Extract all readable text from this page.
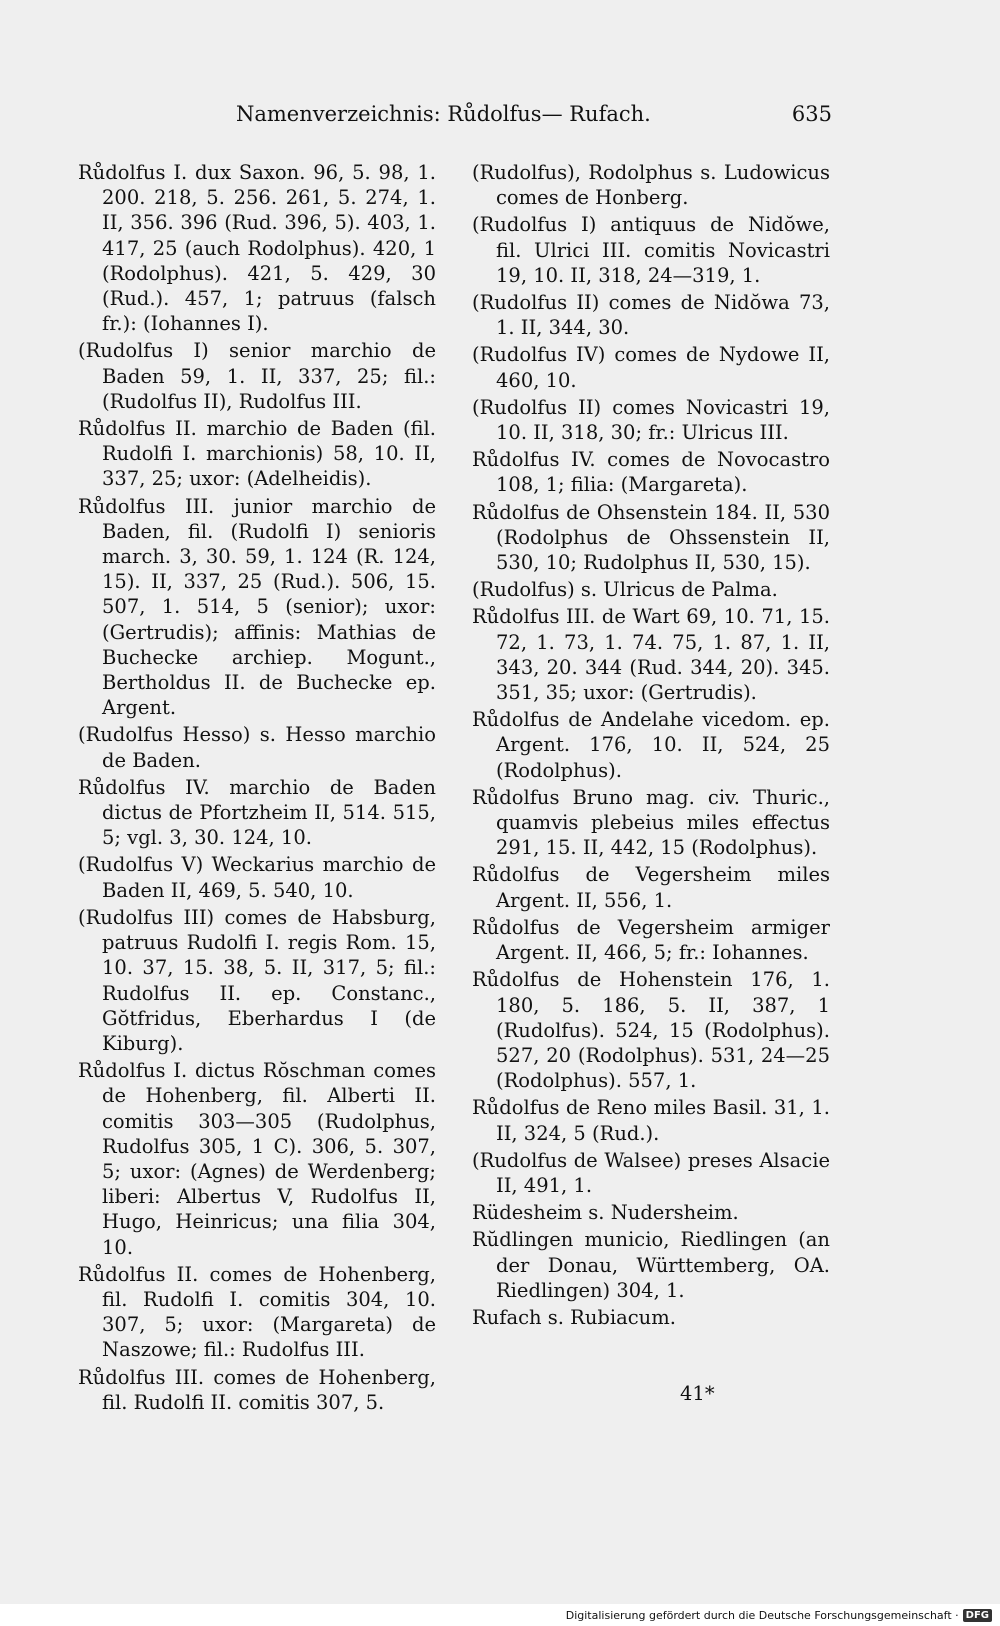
Namenverzeichnis: Růdolfus— Rufach.	635

Růdolfus I. dux Saxon. 96, 5. 98, 1. 200. 218, 5. 256. 261, 5. 274, 1. II, 356. 396 (Rud. 396, 5). 403, 1. 417, 25 (auch Rodolphus). 420, 1 (Rodolphus). 421, 5. 429, 30 (Rud.). 457, 1; patruus (falsch fr.): (Iohannes I).

(Rudolfus I) senior marchio de Baden 59, 1. II, 337, 25; fil.: (Rudolfus II), Rudolfus III.

Růdolfus II. marchio de Baden (fil. Rudolfi I. marchionis) 58, 10. II, 337, 25; uxor: (Adelheidis).

Růdolfus III. junior marchio de Baden, fil. (Rudolfi I) senioris march. 3, 30. 59, 1. 124 (R. 124, 15). II, 337, 25 (Rud.). 506, 15. 507, 1. 514, 5 (senior); uxor: (Gertrudis); affinis: Mathias de Buchecke archiep. Mogunt., Bertholdus II. de Buchecke ep. Argent.

(Rudolfus Hesso) s. Hesso marchio de Baden.

Růdolfus IV. marchio de Baden dictus de Pfortzheim II, 514. 515, 5; vgl. 3, 30. 124, 10.

(Rudolfus V) Weckarius marchio de Baden II, 469, 5. 540, 10.

(Rudolfus III) comes de Habsburg, patruus Rudolfi I. regis Rom. 15, 10. 37, 15. 38, 5. II, 317, 5; fil.: Rudolfus II. ep. Constanc., Gŏtfridus, Eberhardus I (de Kiburg).

Růdolfus I. dictus Rŏschman comes de Hohenberg, fil. Alberti II. comitis 303—305 (Rudolphus, Rudolfus 305, 1 C). 306, 5. 307, 5; uxor: (Agnes) de Werdenberg; liberi: Albertus V, Rudolfus II, Hugo, Heinricus; una filia 304, 10.

Růdolfus II. comes de Hohenberg, fil. Rudolfi I. comitis 304, 10. 307, 5; uxor: (Margareta) de Naszowe; fil.: Rudolfus III.

Růdolfus III. comes de Hohenberg, fil. Rudolfi II. comitis 307, 5.

(Rudolfus), Rodolphus s. Ludowicus comes de Honberg.

(Rudolfus I) antiquus de Nidŏwe, fil. Ulrici III. comitis Novicastri 19, 10. II, 318, 24—319, 1.

(Rudolfus II) comes de Nidŏwa 73, 1. II, 344, 30.

(Rudolfus IV) comes de Nydowe II, 460, 10.

(Rudolfus II) comes Novicastri 19, 10. II, 318, 30; fr.: Ulricus III.

Růdolfus IV. comes de Novocastro 108, 1; filia: (Margareta).

Růdolfus de Ohsenstein 184. II, 530 (Rodolphus de Ohssenstein II, 530, 10; Rudolphus II, 530, 15).

(Rudolfus) s. Ulricus de Palma.

Růdolfus III. de Wart 69, 10. 71, 15. 72, 1. 73, 1. 74. 75, 1. 87, 1. II, 343, 20. 344 (Rud. 344, 20). 345. 351, 35; uxor: (Gertrudis).

Růdolfus de Andelahe vicedom. ep. Argent. 176, 10. II, 524, 25 (Rodolphus).

Růdolfus Bruno mag. civ. Thuric., quamvis plebeius miles effectus 291, 15. II, 442, 15 (Rodolphus).

Růdolfus de Vegersheim miles Argent. II, 556, 1.

Růdolfus de Vegersheim armiger Argent. II, 466, 5; fr.: Iohannes.

Růdolfus de Hohenstein 176, 1. 180, 5. 186, 5. II, 387, 1 (Rudolfus). 524, 15 (Rodolphus). 527, 20 (Rodolphus). 531, 24—25 (Rodolphus). 557, 1.

Růdolfus de Reno miles Basil. 31, 1. II, 324, 5 (Rud.).

(Rudolfus de Walsee) preses Alsacie II, 491, 1.

Rüdesheim s. Nudersheim.

Rŭdlingen municio, Riedlingen (an der Donau, Württemberg, OA. Riedlingen) 304, 1.

Rufach s. Rubiacum.

41*
Digitalisierung gefördert durch die Deutsche Forschungsgemeinschaft · DFG
